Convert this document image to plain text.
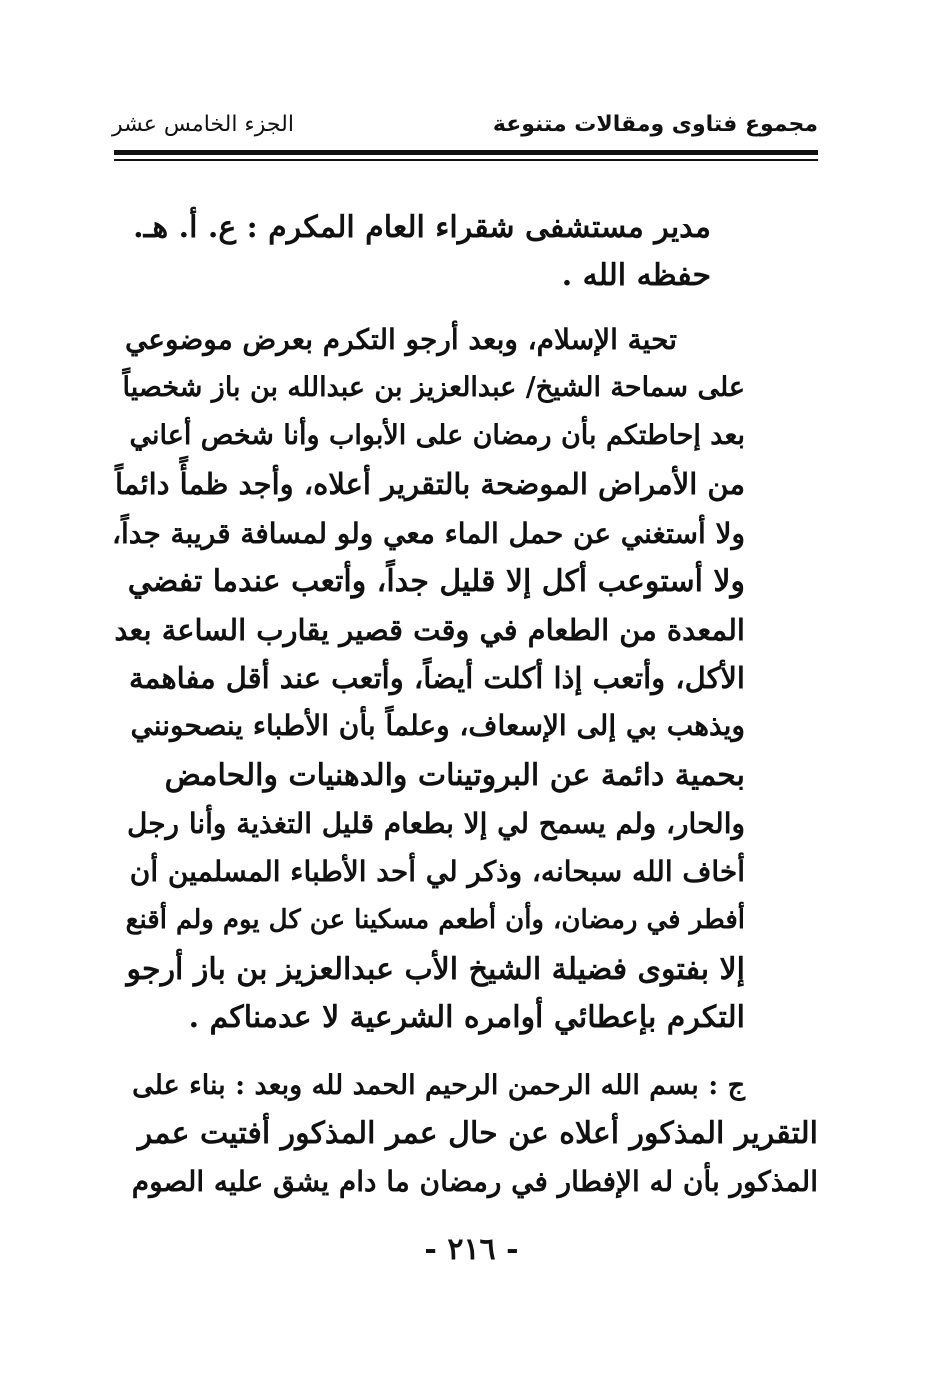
مجموع فتاوى ومقالات متنوعة
الجزء الخامس عشر
مدير مستشفى شقراء العام المكرم : ع. أ. هـ.
حفظه الله .
تحية الإسلام، وبعد أرجو التكرم بعرض موضوعي
على سماحة الشيخ/ عبدالعزيز بن عبدالله بن باز شخصياً
بعد إحاطتكم بأن رمضان على الأبواب وأنا شخص أعاني
من الأمراض الموضحة بالتقرير أعلاه، وأجد ظمأً دائماً
ولا أستغني عن حمل الماء معي ولو لمسافة قريبة جداً،
ولا أستوعب أكل إلا قليل جداً، وأتعب عندما تفضي
المعدة من الطعام في وقت قصير يقارب الساعة بعد
الأكل، وأتعب إذا أكلت أيضاً، وأتعب عند أقل مفاهمة
ويذهب بي إلى الإسعاف، وعلماً بأن الأطباء ينصحونني
بحمية دائمة عن البروتينات والدهنيات والحامض
والحار، ولم يسمح لي إلا بطعام قليل التغذية وأنا رجل
أخاف الله سبحانه، وذكر لي أحد الأطباء المسلمين أن
أفطر في رمضان، وأن أطعم مسكينا عن كل يوم ولم أقنع
إلا بفتوى فضيلة الشيخ الأب عبدالعزيز بن باز أرجو
التكرم بإعطائي أوامره الشرعية لا عدمناكم .
ج : بسم الله الرحمن الرحيم الحمد لله وبعد : بناء على
التقرير المذكور أعلاه عن حال عمر المذكور أفتيت عمر
المذكور بأن له الإفطار في رمضان ما دام يشق عليه الصوم
- ٢١٦ -
